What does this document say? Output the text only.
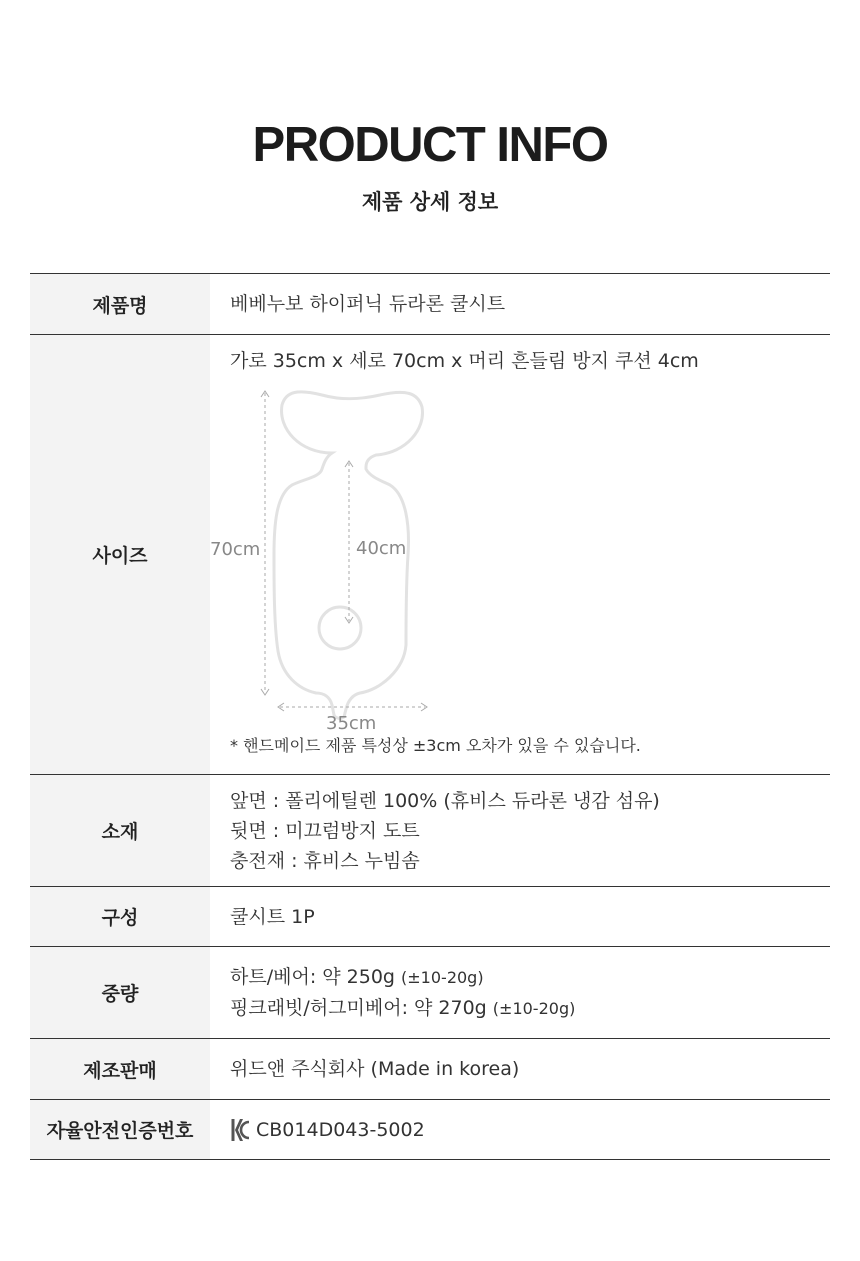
PRODUCT INFO
제품 상세 정보
제품명	베베누보 하이퍼닉 듀라론 쿨시트
사이즈	가로 35cm x 세로 70cm x 머리 흔들림 방지 쿠션 4cm
70cm 40cm
35cm
* 핸드메이드 제품 특성상 ±3cm 오차가 있을 수 있습니다.

소재	앞면 : 폴리에틸렌 100% (휴비스 듀라론 냉감 섬유)
뒷면 : 미끄럼방지 도트
충전재 : 휴비스 누빔솜

구성	쿨시트 1P
중량	하트/베어: 약 250g (±10-20g)
핑크래빗/허그미베어: 약 270g (±10-20g)

제조판매	위드앤 주식회사 (Made in korea)
자율안전인증번호	CB014D043-5002
